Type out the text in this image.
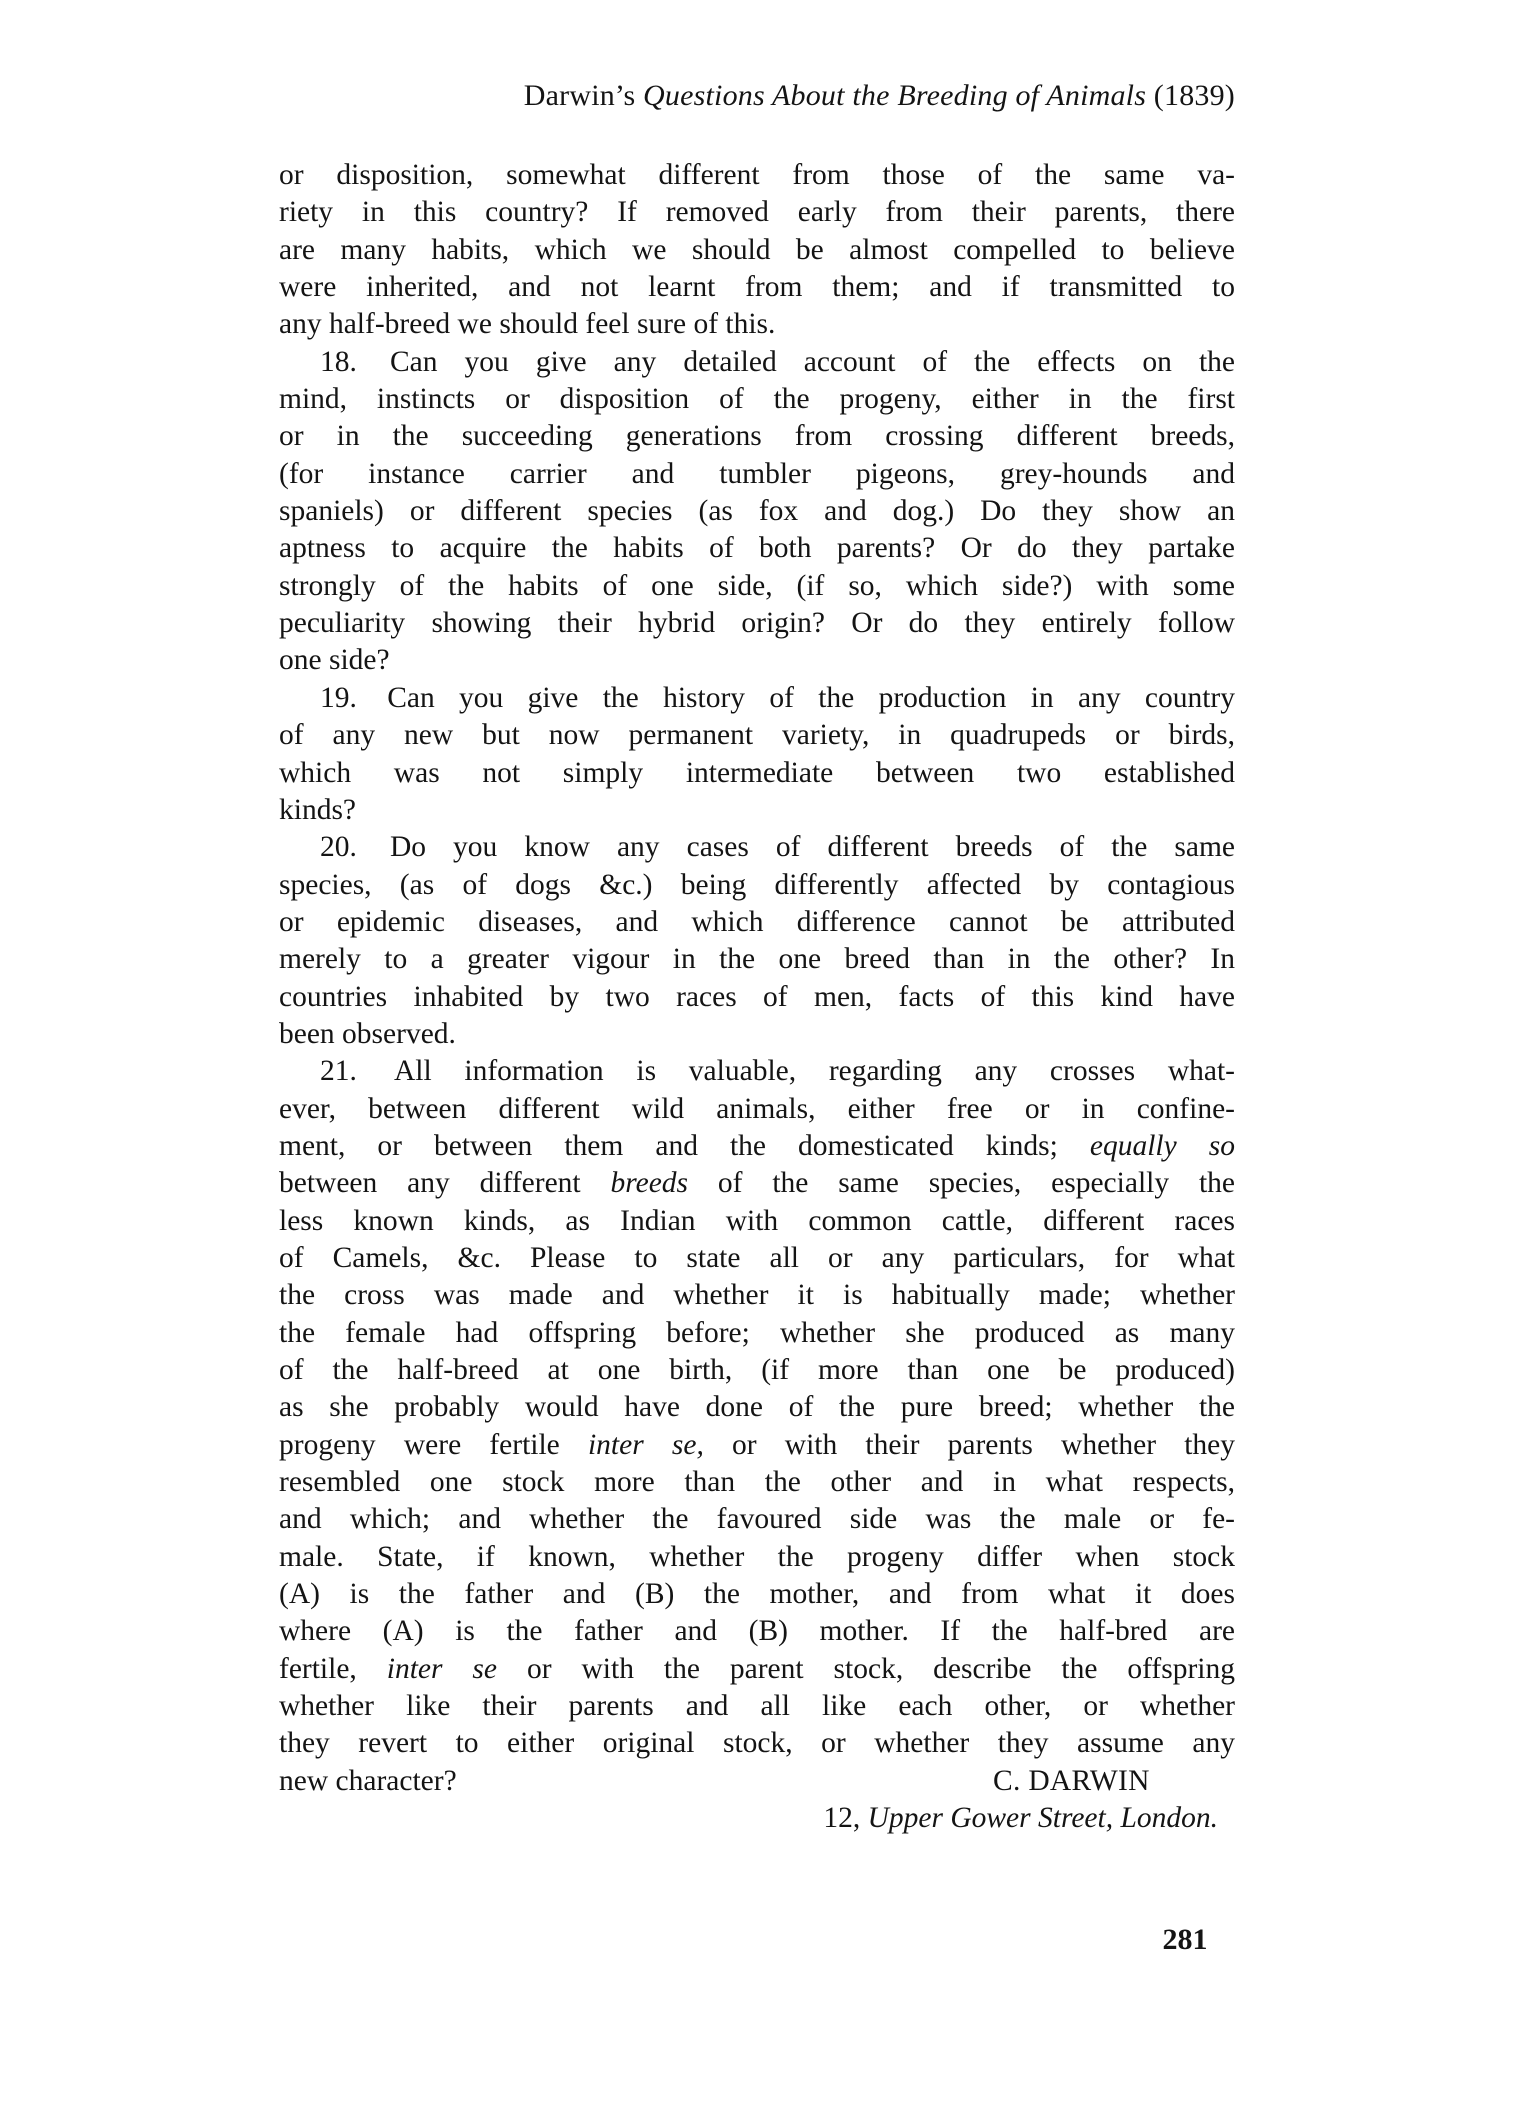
Darwin’s Questions About the Breeding of Animals (1839)
or disposition, somewhat different from those of the same va-
riety in this country? If removed early from their parents, there
are many habits, which we should be almost compelled to believe
were inherited, and not learnt from them; and if transmitted to
any half-breed we should feel sure of this.
18. Can you give any detailed account of the effects on the
mind, instincts or disposition of the progeny, either in the first
or in the succeeding generations from crossing different breeds,
(for instance carrier and tumbler pigeons, grey-hounds and
spaniels) or different species (as fox and dog.) Do they show an
aptness to acquire the habits of both parents? Or do they partake
strongly of the habits of one side, (if so, which side?) with some
peculiarity showing their hybrid origin? Or do they entirely follow
one side?
19. Can you give the history of the production in any country
of any new but now permanent variety, in quadrupeds or birds,
which was not simply intermediate between two established
kinds?
20. Do you know any cases of different breeds of the same
species, (as of dogs &c.) being differently affected by contagious
or epidemic diseases, and which difference cannot be attributed
merely to a greater vigour in the one breed than in the other? In
countries inhabited by two races of men, facts of this kind have
been observed.
21. All information is valuable, regarding any crosses what-
ever, between different wild animals, either free or in confine-
ment, or between them and the domesticated kinds; equally so
between any different breeds of the same species, especially the
less known kinds, as Indian with common cattle, different races
of Camels, &c. Please to state all or any particulars, for what
the cross was made and whether it is habitually made; whether
the female had offspring before; whether she produced as many
of the half-breed at one birth, (if more than one be produced)
as she probably would have done of the pure breed; whether the
progeny were fertile inter se, or with their parents whether they
resembled one stock more than the other and in what respects,
and which; and whether the favoured side was the male or fe-
male. State, if known, whether the progeny differ when stock
(A) is the father and (B) the mother, and from what it does
where (A) is the father and (B) mother. If the half-bred are
fertile, inter se or with the parent stock, describe the offspring
whether like their parents and all like each other, or whether
they revert to either original stock, or whether they assume any
new character?	C. DARWIN
12, Upper Gower Street, London.
281
